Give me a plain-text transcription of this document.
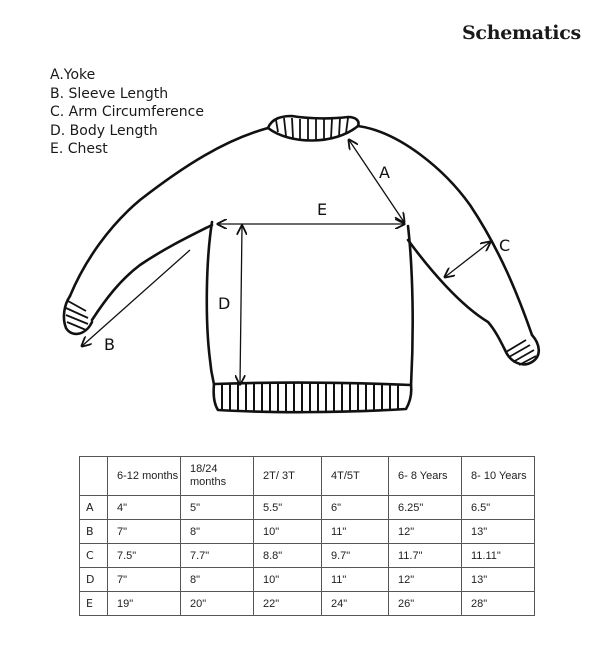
Schematics
A.Yoke
B. Sleeve Length
C. Arm Circumference
D. Body Length
E. Chest
A
B
C
D
E
	6-12 months	18/24 months	2T/ 3T	4T/5T	6- 8 Years	8- 10 Years
A	4"	5"	5.5"	6"	6.25"	6.5"
B	7"	8"	10"	11"	12"	13"
C	7.5"	7.7"	8.8"	9.7"	11.7"	11.11"
D	7"	8"	10"	11"	12"	13"
E	19"	20"	22"	24"	26"	28"
